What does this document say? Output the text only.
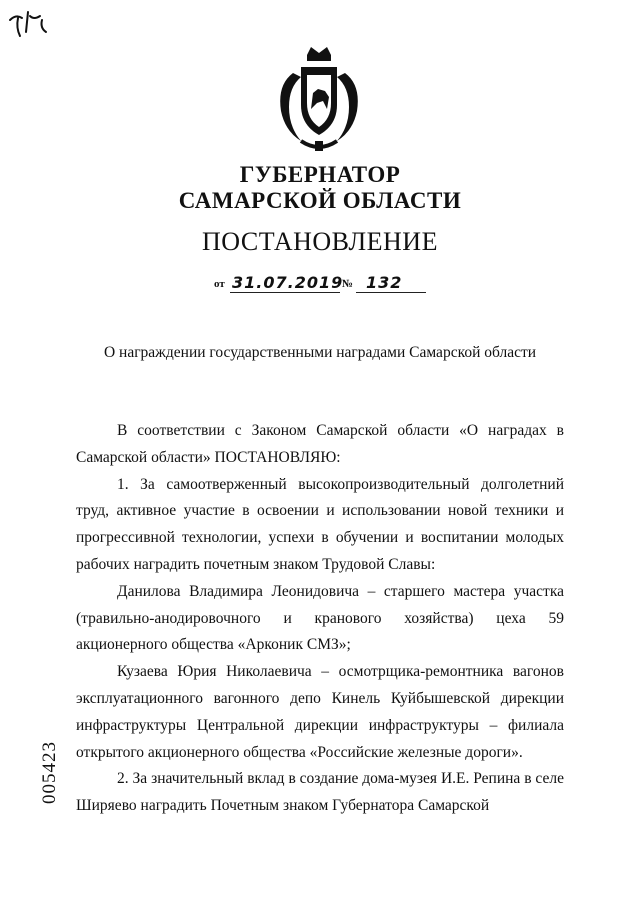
ГУБЕРНАТОР
САМАРСКОЙ ОБЛАСТИ
ПОСТАНОВЛЕНИЕ
от 31.07.2019
№ 132
О награждении государственными наградами Самарской области

В соответствии с Законом Самарской области «О наградах в Самарской области» ПОСТАНОВЛЯЮ:

1. За самоотверженный высокопроизводительный долголетний труд, активное участие в освоении и использовании новой техники и прогрессивной технологии, успехи в обучении и воспитании молодых рабочих наградить почетным знаком Трудовой Славы:

Данилова Владимира Леонидовича – старшего мастера участка (травильно-анодировочного и кранового хозяйства) цеха 59 акционерного общества «Арконик СМЗ»;

Кузаева Юрия Николаевича – осмотрщика-ремонтника вагонов эксплуатационного вагонного депо Кинель Куйбышевской дирекции инфраструктуры Центральной дирекции инфраструктуры – филиала открытого акционерного общества «Российские железные дороги».

2. За значительный вклад в создание дома-музея И.Е. Репина в селе Ширяево наградить Почетным знаком Губернатора Самарской

005423
